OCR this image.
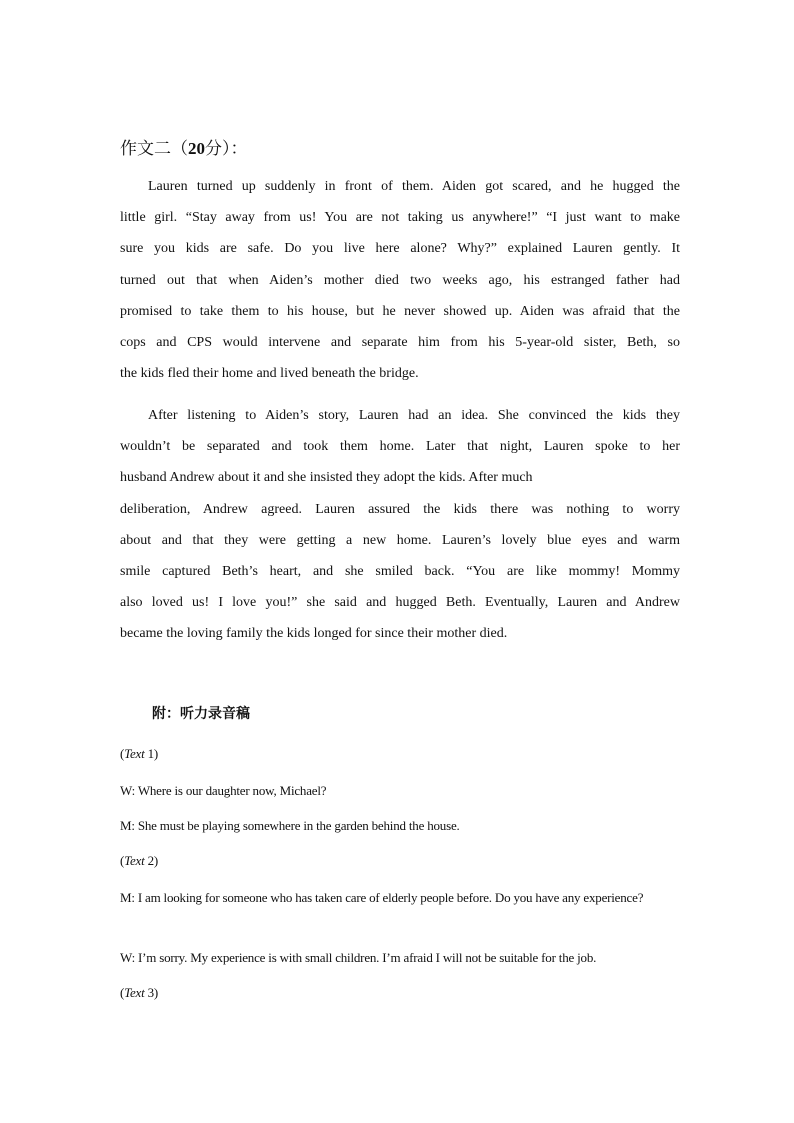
作文二（20分）：
Lauren turned up suddenly in front of them. Aiden got scared, and he hugged the
little girl. “Stay away from us! You are not taking us anywhere!” “I just want to make
sure you kids are safe. Do you live here alone? Why?” explained Lauren gently. It
turned out that when Aiden’s mother died two weeks ago, his estranged father had
promised to take them to his house, but he never showed up. Aiden was afraid that the
cops and CPS would intervene and separate him from his 5-year-old sister, Beth, so
the kids fled their home and lived beneath the bridge.
After listening to Aiden’s story, Lauren had an idea. She convinced the kids they
wouldn’t be separated and took them home. Later that night, Lauren spoke to her
husband Andrew about it and she insisted they adopt the kids. After much
deliberation, Andrew agreed. Lauren assured the kids there was nothing to worry
about and that they were getting a new home. Lauren’s lovely blue eyes and warm
smile captured Beth’s heart, and she smiled back. “You are like mommy! Mommy
also loved us! I love you!” she said and hugged Beth. Eventually, Lauren and Andrew
became the loving family the kids longed for since their mother died.
附：听力录音稿
(Text 1)
W: Where is our daughter now, Michael?
M: She must be playing somewhere in the garden behind the house.
(Text 2)
M: I am looking for someone who has taken care of elderly people before. Do you have any experience?
W: I’m sorry. My experience is with small children. I’m afraid I will not be suitable for the job.
(Text 3)
